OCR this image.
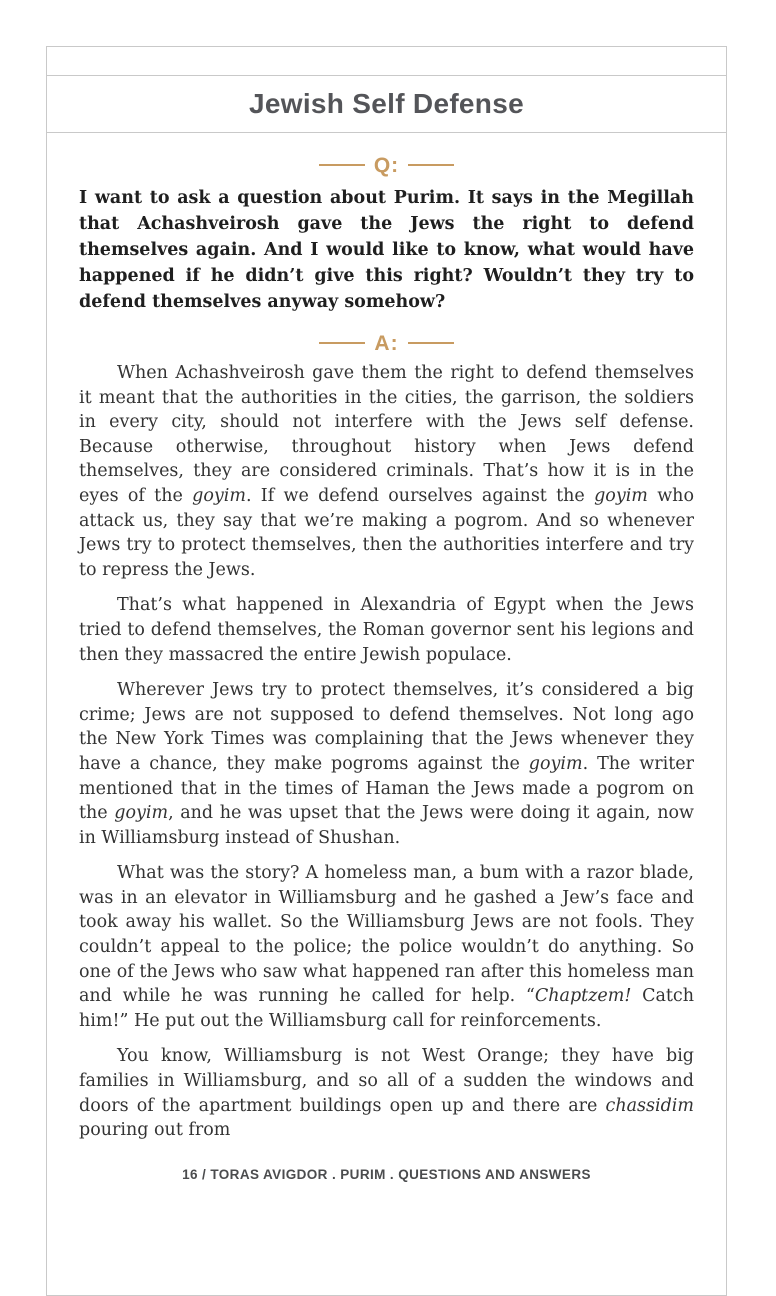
Jewish Self Defense
Q:

I want to ask a question about Purim. It says in the Megillah that Achashveirosh gave the Jews the right to defend themselves again. And I would like to know, what would have happened if he didn’t give this right? Wouldn’t they try to defend themselves anyway somehow?

A:

When Achashveirosh gave them the right to defend themselves it meant that the authorities in the cities, the garrison, the soldiers in every city, should not interfere with the Jews self defense. Because otherwise, throughout history when Jews defend themselves, they are considered criminals. That’s how it is in the eyes of the goyim. If we defend ourselves against the goyim who attack us, they say that we’re making a pogrom. And so whenever Jews try to protect themselves, then the authorities interfere and try to repress the Jews.

That’s what happened in Alexandria of Egypt when the Jews tried to defend themselves, the Roman governor sent his legions and then they massacred the entire Jewish populace.

Wherever Jews try to protect themselves, it’s considered a big crime; Jews are not supposed to defend themselves. Not long ago the New York Times was complaining that the Jews whenever they have a chance, they make pogroms against the goyim. The writer mentioned that in the times of Haman the Jews made a pogrom on the goyim, and he was upset that the Jews were doing it again, now in Williamsburg instead of Shushan.

What was the story? A homeless man, a bum with a razor blade, was in an elevator in Williamsburg and he gashed a Jew’s face and took away his wallet. So the Williamsburg Jews are not fools. They couldn’t appeal to the police; the police wouldn’t do anything. So one of the Jews who saw what happened ran after this homeless man and while he was running he called for help. “Chaptzem! Catch him!” He put out the Williamsburg call for reinforcements.

You know, Williamsburg is not West Orange; they have big families in Williamsburg, and so all of a sudden the windows and doors of the apartment buildings open up and there are chassidim pouring out from

16 / TORAS AVIGDOR . PURIM . QUESTIONS AND ANSWERS
